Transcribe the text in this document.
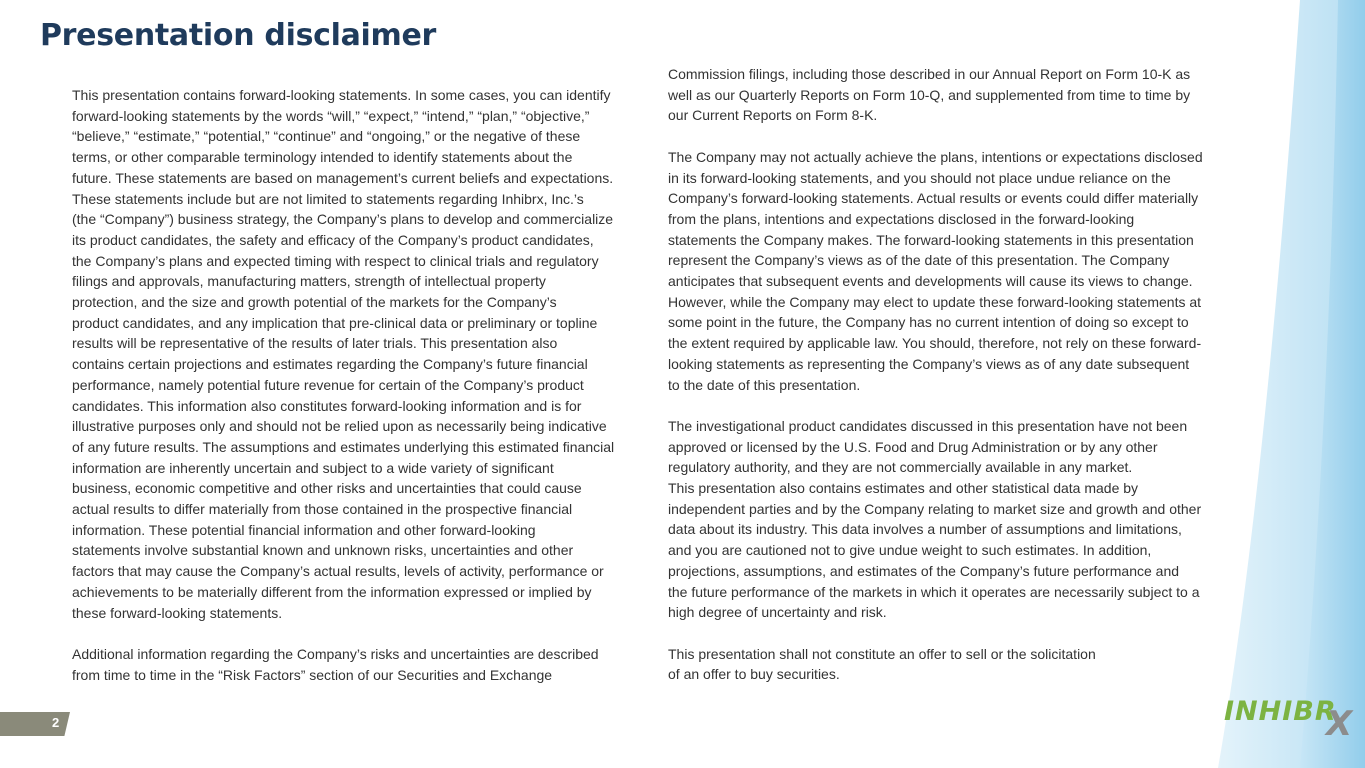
Presentation disclaimer
This presentation contains forward-looking statements. In some cases, you can identify
forward-looking statements by the words “will,” “expect,” “intend,” “plan,” “objective,”
“believe,” “estimate,” “potential,” “continue” and “ongoing,” or the negative of these
terms, or other comparable terminology intended to identify statements about the
future. These statements are based on management’s current beliefs and expectations.
These statements include but are not limited to statements regarding Inhibrx, Inc.’s
(the “Company”) business strategy, the Company’s plans to develop and commercialize
its product candidates, the safety and efficacy of the Company’s product candidates,
the Company’s plans and expected timing with respect to clinical trials and regulatory
filings and approvals, manufacturing matters, strength of intellectual property
protection, and the size and growth potential of the markets for the Company’s
product candidates, and any implication that pre-clinical data or preliminary or topline
results will be representative of the results of later trials. This presentation also
contains certain projections and estimates regarding the Company’s future financial
performance, namely potential future revenue for certain of the Company’s product
candidates. This information also constitutes forward-looking information and is for
illustrative purposes only and should not be relied upon as necessarily being indicative
of any future results. The assumptions and estimates underlying this estimated financial
information are inherently uncertain and subject to a wide variety of significant
business, economic competitive and other risks and uncertainties that could cause
actual results to differ materially from those contained in the prospective financial
information. These potential financial information and other forward-looking
statements involve substantial known and unknown risks, uncertainties and other
factors that may cause the Company’s actual results, levels of activity, performance or
achievements to be materially different from the information expressed or implied by
these forward-looking statements.
Additional information regarding the Company’s risks and uncertainties are described
from time to time in the “Risk Factors” section of our Securities and Exchange
Commission filings, including those described in our Annual Report on Form 10-K as
well as our Quarterly Reports on Form 10-Q, and supplemented from time to time by
our Current Reports on Form 8-K.
The Company may not actually achieve the plans, intentions or expectations disclosed
in its forward-looking statements, and you should not place undue reliance on the
Company’s forward-looking statements. Actual results or events could differ materially
from the plans, intentions and expectations disclosed in the forward-looking
statements the Company makes. The forward-looking statements in this presentation
represent the Company’s views as of the date of this presentation. The Company
anticipates that subsequent events and developments will cause its views to change.
However, while the Company may elect to update these forward-looking statements at
some point in the future, the Company has no current intention of doing so except to
the extent required by applicable law. You should, therefore, not rely on these forward-
looking statements as representing the Company’s views as of any date subsequent
to the date of this presentation.
The investigational product candidates discussed in this presentation have not been
approved or licensed by the U.S. Food and Drug Administration or by any other
regulatory authority, and they are not commercially available in any market.
This presentation also contains estimates and other statistical data made by
independent parties and by the Company relating to market size and growth and other
data about its industry. This data involves a number of assumptions and limitations,
and you are cautioned not to give undue weight to such estimates. In addition,
projections, assumptions, and estimates of the Company’s future performance and
the future performance of the markets in which it operates are necessarily subject to a
high degree of uncertainty and risk.
This presentation shall not constitute an offer to sell or the solicitation
of an offer to buy securities.
2	INHIBR
X
